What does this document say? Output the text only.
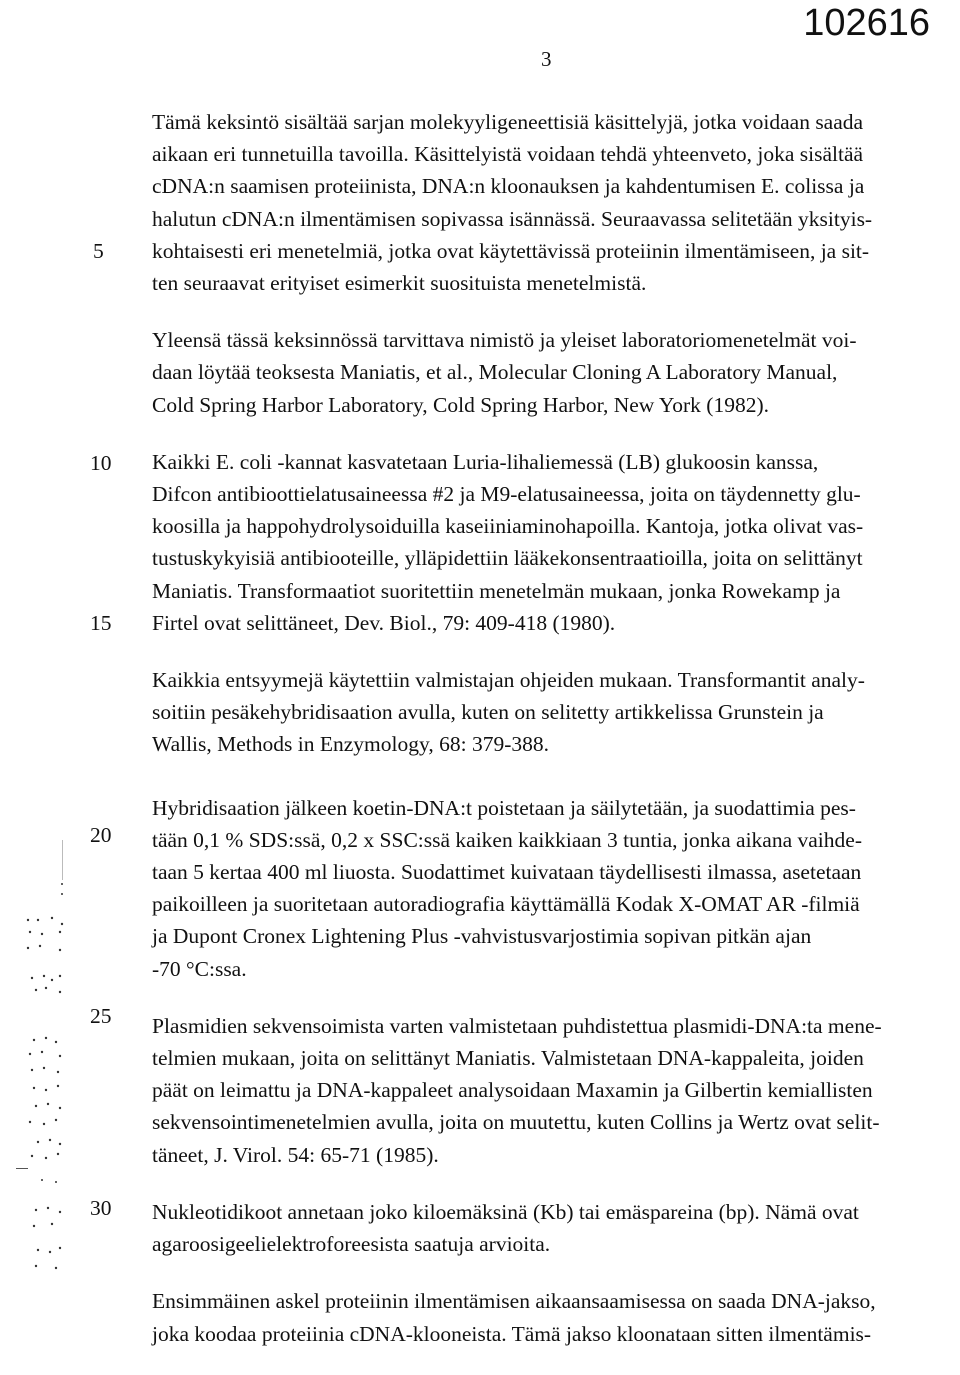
102616
3
5
10
15
20
25
30
Tämä keksintö sisältää sarjan molekyyligeneettisiä käsittelyjä, jotka voidaan saada
aikaan eri tunnetuilla tavoilla. Käsittelyistä voidaan tehdä yhteenveto, joka sisältää
cDNA:n saamisen proteiinista, DNA:n kloonauksen ja kahdentumisen E. colissa ja
halutun cDNA:n ilmentämisen sopivassa isännässä. Seuraavassa selitetään yksityis-
kohtaisesti eri menetelmiä, jotka ovat käytettävissä proteiinin ilmentämiseen, ja sit-
ten seuraavat erityiset esimerkit suosituista menetelmistä.
Yleensä tässä keksinnössä tarvittava nimistö ja yleiset laboratoriomenetelmät voi-
daan löytää teoksesta Maniatis, et al., Molecular Cloning A Laboratory Manual,
Cold Spring Harbor Laboratory, Cold Spring Harbor, New York (1982).
Kaikki E. coli -kannat kasvatetaan Luria-lihaliemessä (LB) glukoosin kanssa,
Difcon antibioottielatusaineessa #2 ja M9-elatusaineessa, joita on täydennetty glu-
koosilla ja happohydrolysoiduilla kaseiiniaminohapoilla. Kantoja, jotka olivat vas-
tustuskykyisiä antibiooteille, ylläpidettiin lääkekonsentraatioilla, joita on selittänyt
Maniatis. Transformaatiot suoritettiin menetelmän mukaan, jonka Rowekamp ja
Firtel ovat selittäneet, Dev. Biol., 79: 409-418 (1980).
Kaikkia entsyymejä käytettiin valmistajan ohjeiden mukaan. Transformantit analy-
soitiin pesäkehybridisaation avulla, kuten on selitetty artikkelissa Grunstein ja
Wallis, Methods in Enzymology, 68: 379-388.
Hybridisaation jälkeen koetin-DNA:t poistetaan ja säilytetään, ja suodattimia pes-
tään 0,1 % SDS:ssä, 0,2 x SSC:ssä kaiken kaikkiaan 3 tuntia, jonka aikana vaihde-
taan 5 kertaa 400 ml liuosta. Suodattimet kuivataan täydellisesti ilmassa, asetetaan
paikoilleen ja suoritetaan autoradiografia käyttämällä Kodak X-OMAT AR -filmiä
ja Dupont Cronex Lightening Plus -vahvistusvarjostimia sopivan pitkän ajan
-70 °C:ssa.
Plasmidien sekvensoimista varten valmistetaan puhdistettua plasmidi-DNA:ta mene-
telmien mukaan, joita on selittänyt Maniatis. Valmistetaan DNA-kappaleita, joiden
päät on leimattu ja DNA-kappaleet analysoidaan Maxamin ja Gilbertin kemiallisten
sekvensointimenetelmien avulla, joita on muutettu, kuten Collins ja Wertz ovat selit-
täneet, J. Virol. 54: 65-71 (1985).
Nukleotidikoot annetaan joko kiloemäksinä (Kb) tai emäspareina (bp). Nämä ovat
agaroosigeelielektroforeesista saatuja arvioita.
Ensimmäinen askel proteiinin ilmentämisen aikaansaamisessa on saada DNA-jakso,
joka koodaa proteiinia cDNA-klooneista. Tämä jakso kloonataan sitten ilmentämis-
